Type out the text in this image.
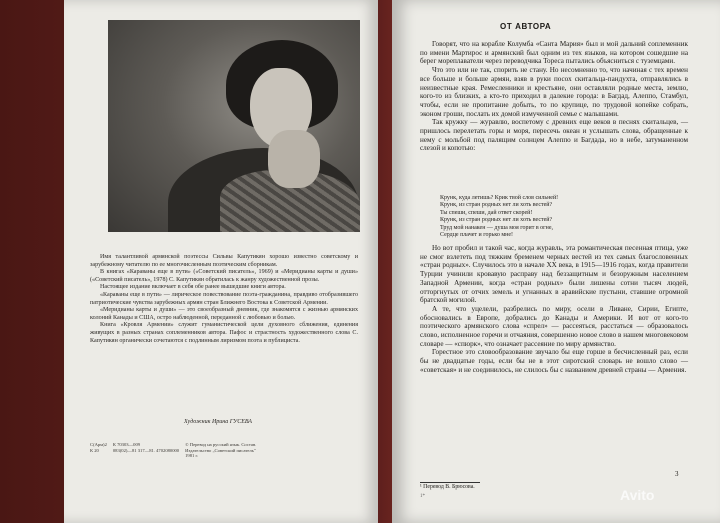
Имя талантливой армянской поэтессы Сильвы Капутикян хорошо известно советскому и зарубежному читателю по ее многочисленным поэтическим сборникам.

В книгах «Караваны еще в пути» («Советский писатель», 1969) и «Меридианы карты и души» («Советский писатель», 1978) С. Капутикян обратилась к жанру художественной прозы.

Настоящее издание включает в себя обе ранее вышедшие книги автора.

«Караваны еще в пути» — лирическое повествование поэта-гражданина, правдиво отобразившего патриотические чувства зарубежных армян стран Ближнего Востока к Советской Армении.

«Меридианы карты и души» — это своеобразный дневник, где знакомятся с жизнью армянских колоний Канады и США, остро наблюденной, переданной с любовью и болью.

Книга «Кровля Армении» служит гуманистической цели духовного сближения, единения живущих в разных странах соплеменников автора. Пафос и страстность художественного слова С. Капутикян органически сочетаются с подлинным лиризмом поэта и публициста.

Художник Ирина ГУСЕВА
С(Арм)2
К 20
К 70303—009
083(02)—81 317—81. 4702080000
© Перевод на русский язык. Состав.
Издательство „Советский писатель"
1981 г.
ОТ АВТОРА

Говорят, что на корабле Колумба «Санта Мария» был и мой дальний соплеменник по имени Мартирос и армянский был одним из тех языков, на котором сошедшие на берег мореплаватели через переводчика Тореса пытались объясниться с туземцами.

Что это или не так, спорить не стану. Но несомненно то, что начиная с тех времен все больше и больше армян, взяв в руки посох скитальца-пандухта, отправлялись в неизвестные края. Ремесленники и крестьяне, они оставляли родные места, землю, кого-то из близких, а кто-то приходил в далекие города: в Багдад, Алеппо, Стамбул, чтобы, если не пропитание добыть, то по крупице, по трудовой копейке собрать, эконом гроши, послать их домой измученной семье с малышами.

Так кружку — журавлю, воспетому с древних еще веков в песнях скитальцев, — пришлось перелетать горы и моря, пересечь океан и услышать слова, обращенные к нему с мольбой под палящим солнцем Алеппо и Багдада, но в небе, затуманенном слезой и копотью:

Крунк, куда летишь? Крик твой слов сильней!
Крунк, из стран родных нет ли хоть вестей?
Ты спеши, спеши, дай ответ скорей!
Крунк, из стран родных нет ли хоть вестей?
Труд мой нанакен — душа моя горит в огне,
Сердце плачет и горько мне!

Но вот пробил и такой час, когда журавль, эта романтическая песенная птица, уже не смог взлететь под тяжким бременем черных вестей из тех самых благословенных «стран родных». Случилось это в начале XX века, в 1915—1916 годах, когда правители Турции учинили кровавую расправу над беззащитным и безоружным населением Западной Армении, когда «стран родных» были лишены сотни тысяч людей, отторгнутых от отчих земель и угнанных в аравийские пустыни, ставшие огромной братской могилой.

А те, что уцелели, разбрелись по миру, осели в Ливане, Сирии, Египте, обосновались в Европе, добрались до Канады и Америки. И вот от кого-то поэтического армянского слова «спрел» — рассеяться, расстаться — образовалось слово, исполненное горечи и отчаяния, совершенно новое слово в нашем многовековом словаре — «спюрк», что означает рассеяние по миру армянство.

Горестное это словообразование звучало бы еще горше в бесчисленный раз, если бы не двадцатые годы, если бы не в этот сиротский словарь не вошло слово — «советская» и не соединилось, не слилось бы с названием древней страны — Армения.

3
¹ Перевод В. Брюсова.
1*	Avito
